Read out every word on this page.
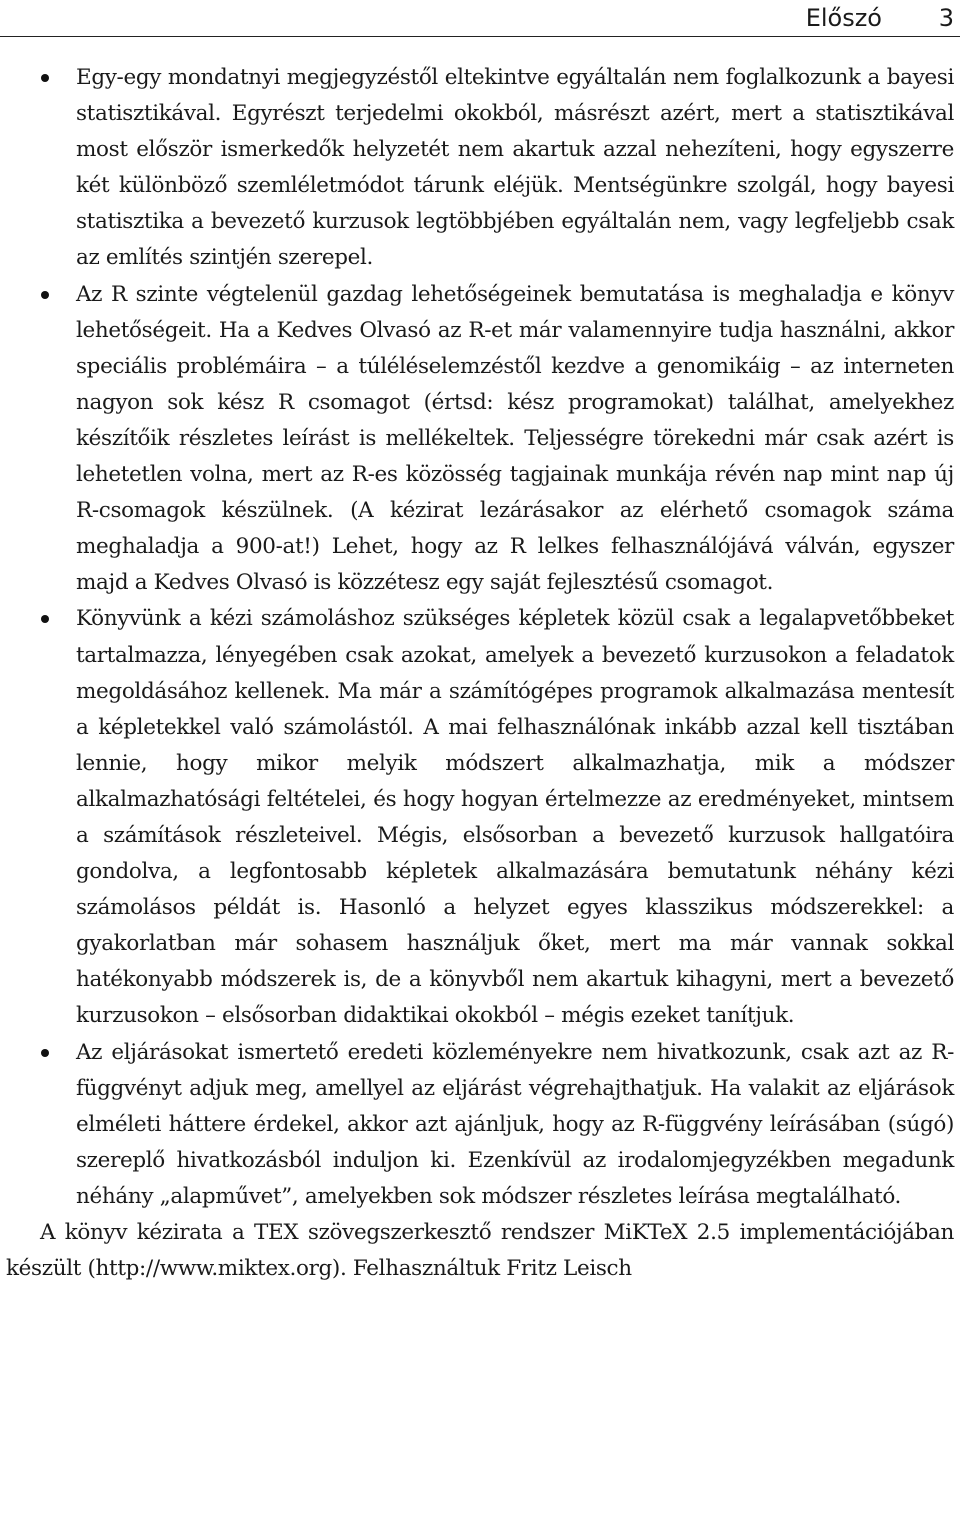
Előszó 3
Egy-egy mondatnyi megjegyzéstől eltekintve egyáltalán nem foglalkozunk a bayesi statisztikával. Egyrészt terjedelmi okokból, másrészt azért, mert a statisztikával most először ismerkedők helyzetét nem akartuk azzal nehezíteni, hogy egyszerre két különböző szemléletmódot tárunk eléjük. Mentségünkre szolgál, hogy bayesi statisztika a bevezető kurzusok legtöbbjében egyáltalán nem, vagy legfeljebb csak az említés szintjén szerepel.
Az R szinte végtelenül gazdag lehetőségeinek bemutatása is meghaladja e könyv lehetőségeit. Ha a Kedves Olvasó az R-et már valamennyire tudja használni, akkor speciális problémáira – a túléléselemzéstől kezdve a genomikáig – az interneten nagyon sok kész R csomagot (értsd: kész programokat) találhat, amelyekhez készítőik részletes leírást is mellékeltek. Teljességre törekedni már csak azért is lehetetlen volna, mert az R-es közösség tagjainak munkája révén nap mint nap új R-csomagok készülnek. (A kézirat lezárásakor az elérhető csomagok száma meghaladja a 900-at!) Lehet, hogy az R lelkes felhasználójává válván, egyszer majd a Kedves Olvasó is közzétesz egy saját fejlesztésű csomagot.
Könyvünk a kézi számoláshoz szükséges képletek közül csak a legalapvetőbbeket tartalmazza, lényegében csak azokat, amelyek a bevezető kurzusokon a feladatok megoldásához kellenek. Ma már a számítógépes programok alkalmazása mentesít a képletekkel való számolástól. A mai felhasználónak inkább azzal kell tisztában lennie, hogy mikor melyik módszert alkalmazhatja, mik a módszer alkalmazhatósági feltételei, és hogy hogyan értelmezze az eredményeket, mintsem a számítások részleteivel. Mégis, elsősorban a bevezető kurzusok hallgatóira gondolva, a legfontosabb képletek alkalmazására bemutatunk néhány kézi számolásos példát is. Hasonló a helyzet egyes klasszikus módszerekkel: a gyakorlatban már sohasem használjuk őket, mert ma már vannak sokkal hatékonyabb módszerek is, de a könyvből nem akartuk kihagyni, mert a bevezető kurzusokon – elsősorban didaktikai okokból – mégis ezeket tanítjuk.
Az eljárásokat ismertető eredeti közleményekre nem hivatkozunk, csak azt az R-függvényt adjuk meg, amellyel az eljárást végrehajthatjuk. Ha valakit az eljárások elméleti háttere érdekel, akkor azt ajánljuk, hogy az R-függvény leírásában (súgó) szereplő hivatkozásból induljon ki. Ezenkívül az irodalomjegyzékben megadunk néhány „alapművet”, amelyekben sok módszer részletes leírása megtalálható.

A könyv kézirata a TEX szövegszerkesztő rendszer MiKTeX 2.5 implementációjában készült (http://www.miktex.org). Felhasználtuk Fritz Leisch
